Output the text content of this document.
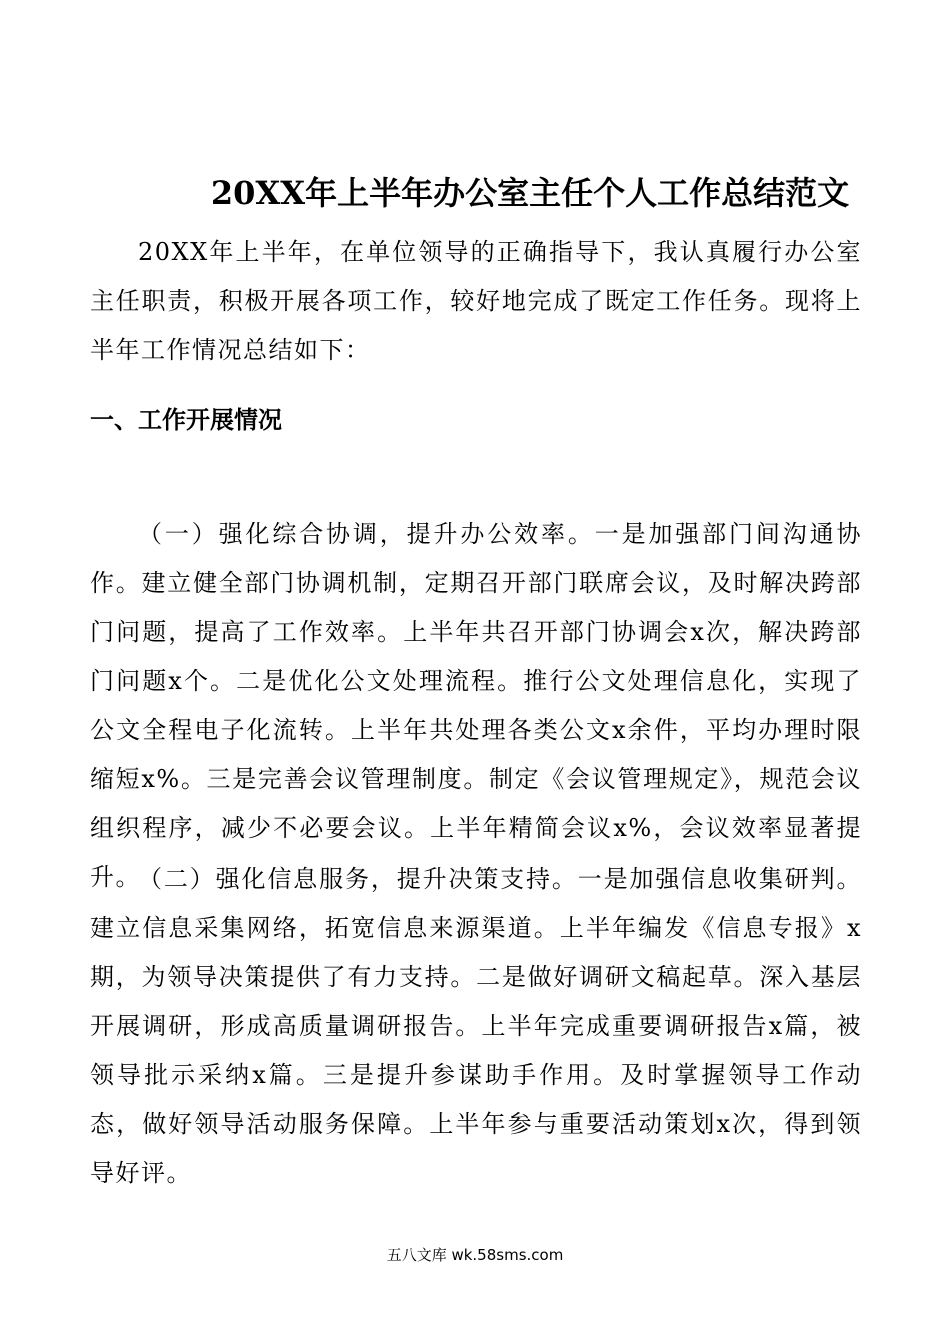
20XX年上半年办公室主任个人工作总结范文

20XX年上半年，在单位领导的正确指导下，我认真履行办公室主任职责，积极开展各项工作，较好地完成了既定工作任务。现将上半年工作情况总结如下：

一、工作开展情况

（一）强化综合协调，提升办公效率。一是加强部门间沟通协作。建立健全部门协调机制，定期召开部门联席会议，及时解决跨部门问题，提高了工作效率。上半年共召开部门协调会x次，解决跨部门问题x个。二是优化公文处理流程。推行公文处理信息化，实现了公文全程电子化流转。上半年共处理各类公文x余件，平均办理时限缩短x%。三是完善会议管理制度。制定《会议管理规定》，规范会议组织程序，减少不必要会议。上半年精简会议x%，会议效率显著提升。

（二）强化信息服务，提升决策支持。一是加强信息收集研判。建立信息采集网络，拓宽信息来源渠道。上半年编发《信息专报》x期，为领导决策提供了有力支持。二是做好调研文稿起草。深入基层开展调研，形成高质量调研报告。上半年完成重要调研报告x篇，被领导批示采纳x篇。三是提升参谋助手作用。及时掌握领导工作动态，做好领导活动服务保障。上半年参与重要活动策划x次，得到领导好评。

五八文库 wk.58sms.com
